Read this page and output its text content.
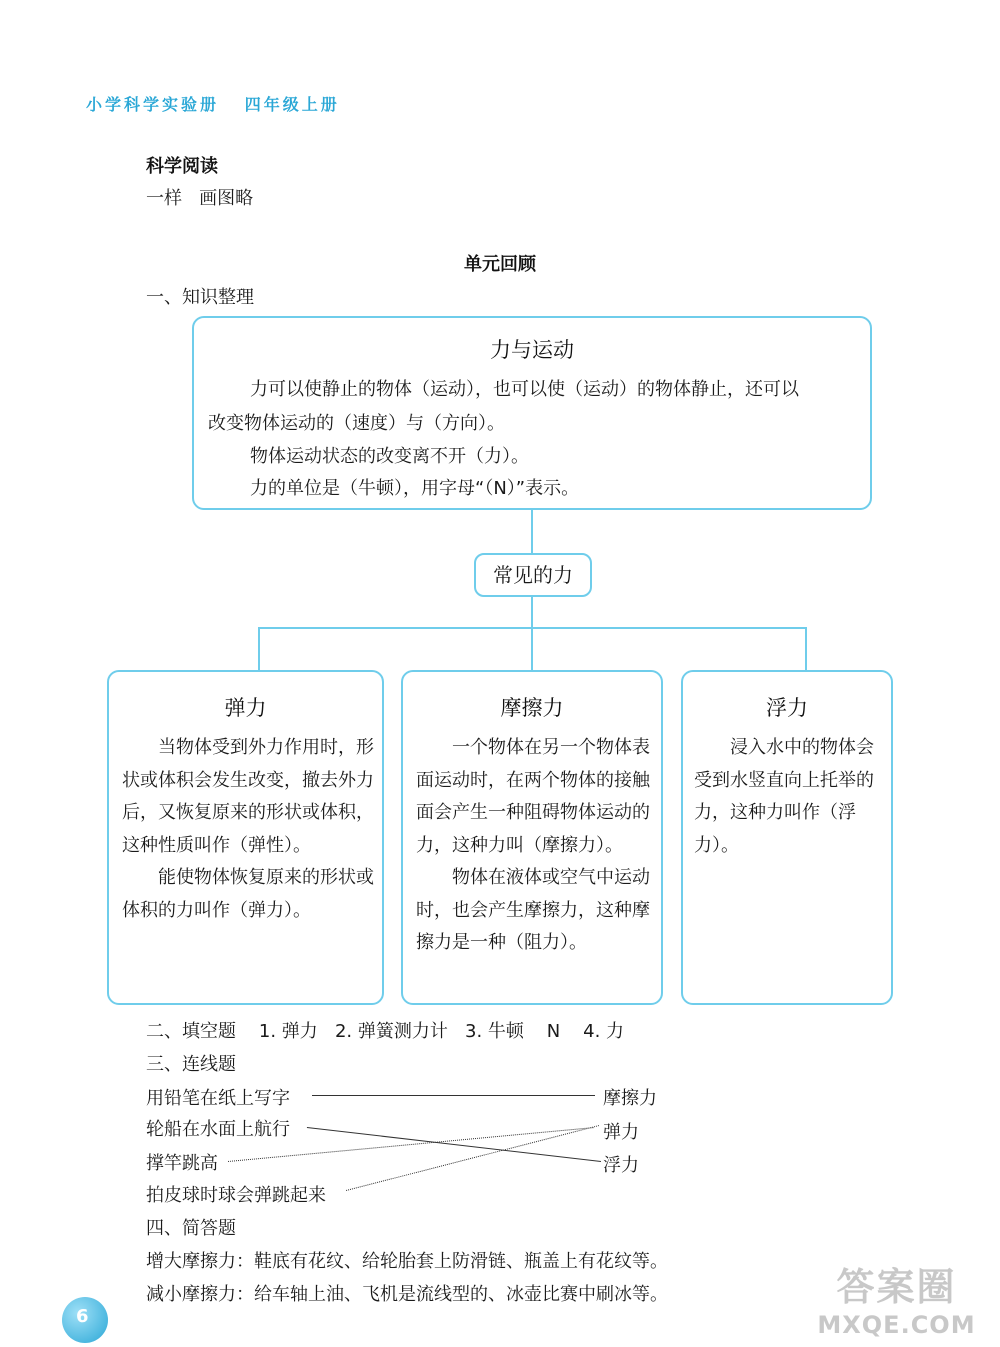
小学科学实验册   四年级上册
科学阅读
一样   画图略
单元回顾
一、知识整理
力与运动
力可以使静止的物体（运动），也可以使（运动）的物体静止，还可以
改变物体运动的（速度）与（方向）。
物体运动状态的改变离不开（力）。
力的单位是（牛顿），用字母“（N）”表示。
常见的力
弹力

当物体受到外力作用时，形状或体积会发生改变，撤去外力后，又恢复原来的形状或体积，这种性质叫作（弹性）。

能使物体恢复原来的形状或体积的力叫作（弹力）。

摩擦力

一个物体在另一个物体表面运动时，在两个物体的接触面会产生一种阻碍物体运动的力，这种力叫（摩擦力）。

物体在液体或空气中运动时，也会产生摩擦力，这种摩擦力是一种（阻力）。

浮力

浸入水中的物体会受到水竖直向上托举的力，这种力叫作（浮力）。

二、填空题    1. 弹力   2. 弹簧测力计   3. 牛顿    N    4. 力
三、连线题
用铅笔在纸上写字
轮船在水面上航行
撑竿跳高
拍皮球时球会弹跳起来
摩擦力
弹力
浮力
四、简答题
增大摩擦力：鞋底有花纹、给轮胎套上防滑链、瓶盖上有花纹等。
减小摩擦力：给车轴上油、飞机是流线型的、冰壶比赛中刷冰等。
6
答案圈
MXQE.COM
